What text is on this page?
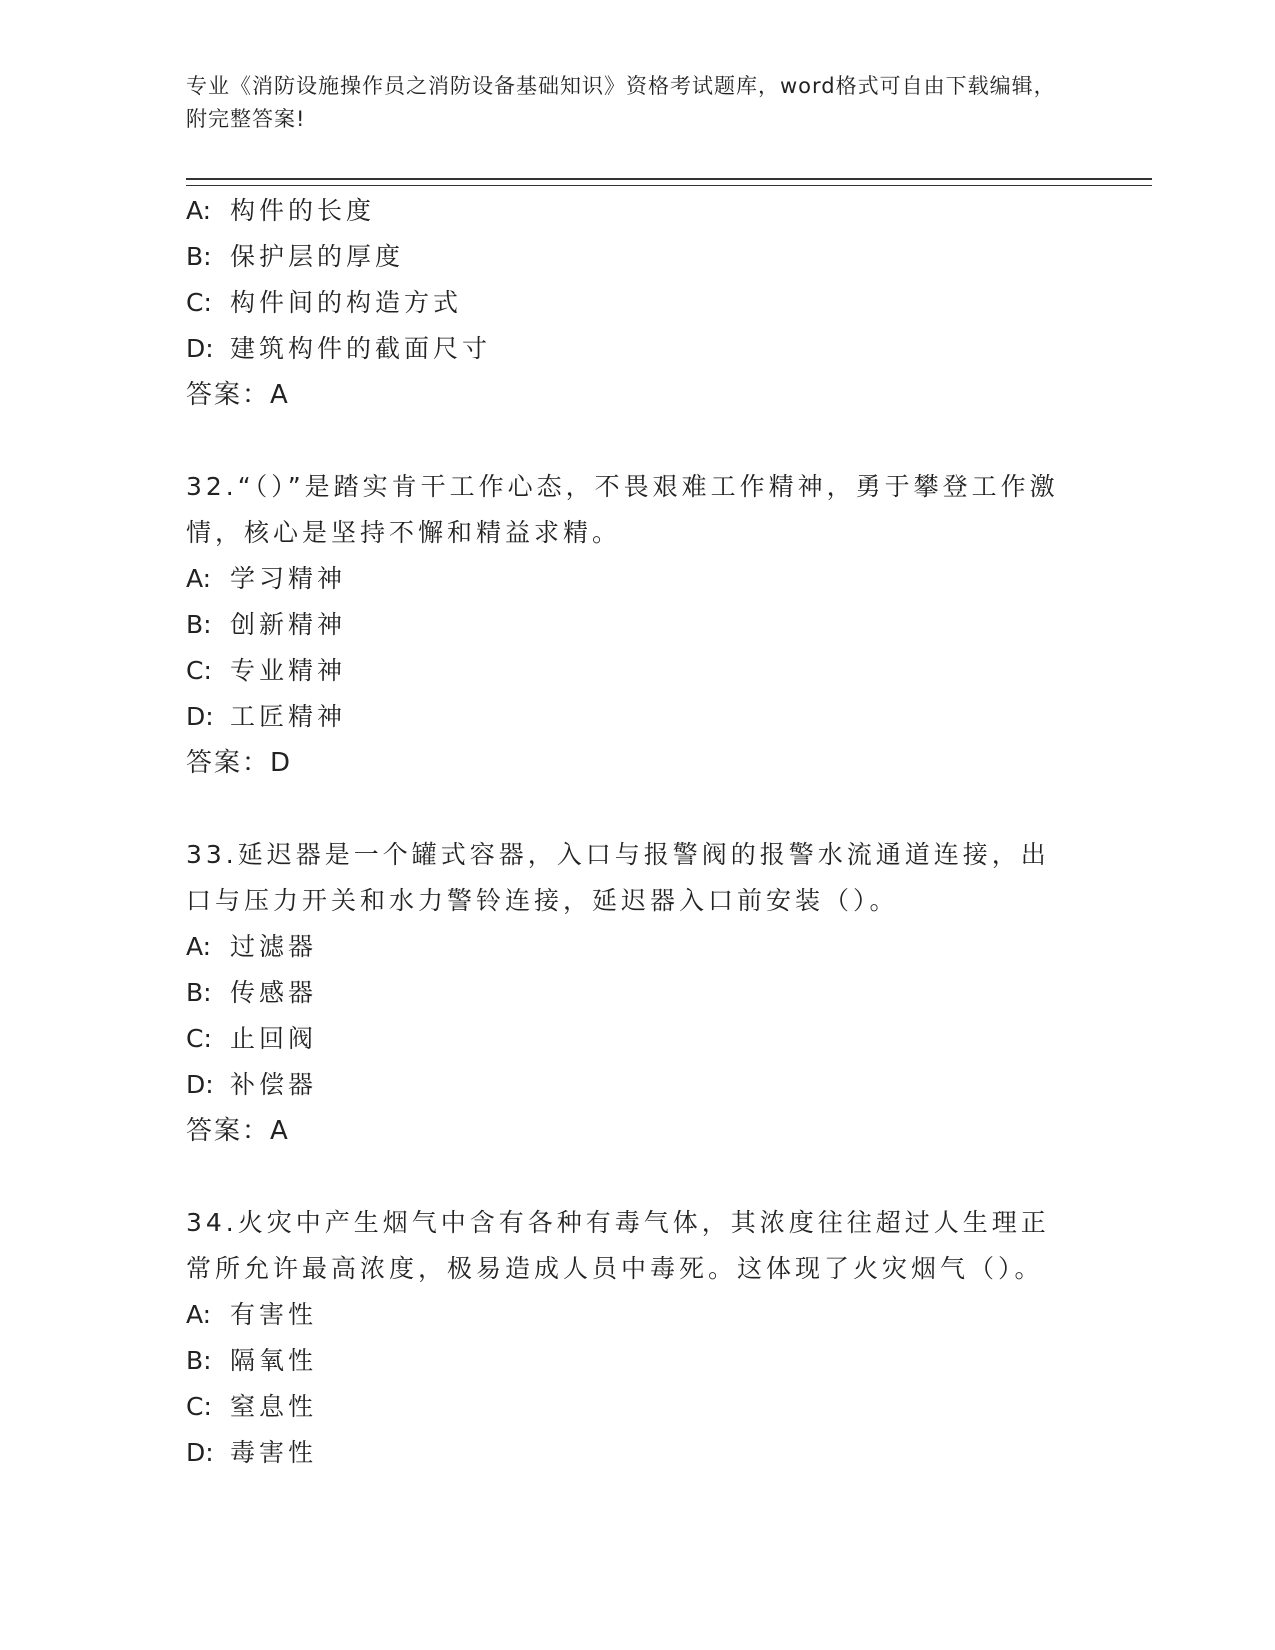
专业《消防设施操作员之消防设备基础知识》资格考试题库，word格式可自由下载编辑，附完整答案!
A: 构件的长度
B: 保护层的厚度
C: 构件间的构造方式
D: 建筑构件的截面尺寸
答案：A
32.“（）”是踏实肯干工作心态，不畏艰难工作精神，勇于攀登工作激情，核心是坚持不懈和精益求精。
A: 学习精神
B: 创新精神
C: 专业精神
D: 工匠精神
答案：D
33.延迟器是一个罐式容器，入口与报警阀的报警水流通道连接，出口与压力开关和水力警铃连接，延迟器入口前安装（）。
A: 过滤器
B: 传感器
C: 止回阀
D: 补偿器
答案：A
34.火灾中产生烟气中含有各种有毒气体，其浓度往往超过人生理正常所允许最高浓度，极易造成人员中毒死。这体现了火灾烟气（）。
A: 有害性
B: 隔氧性
C: 窒息性
D: 毒害性
